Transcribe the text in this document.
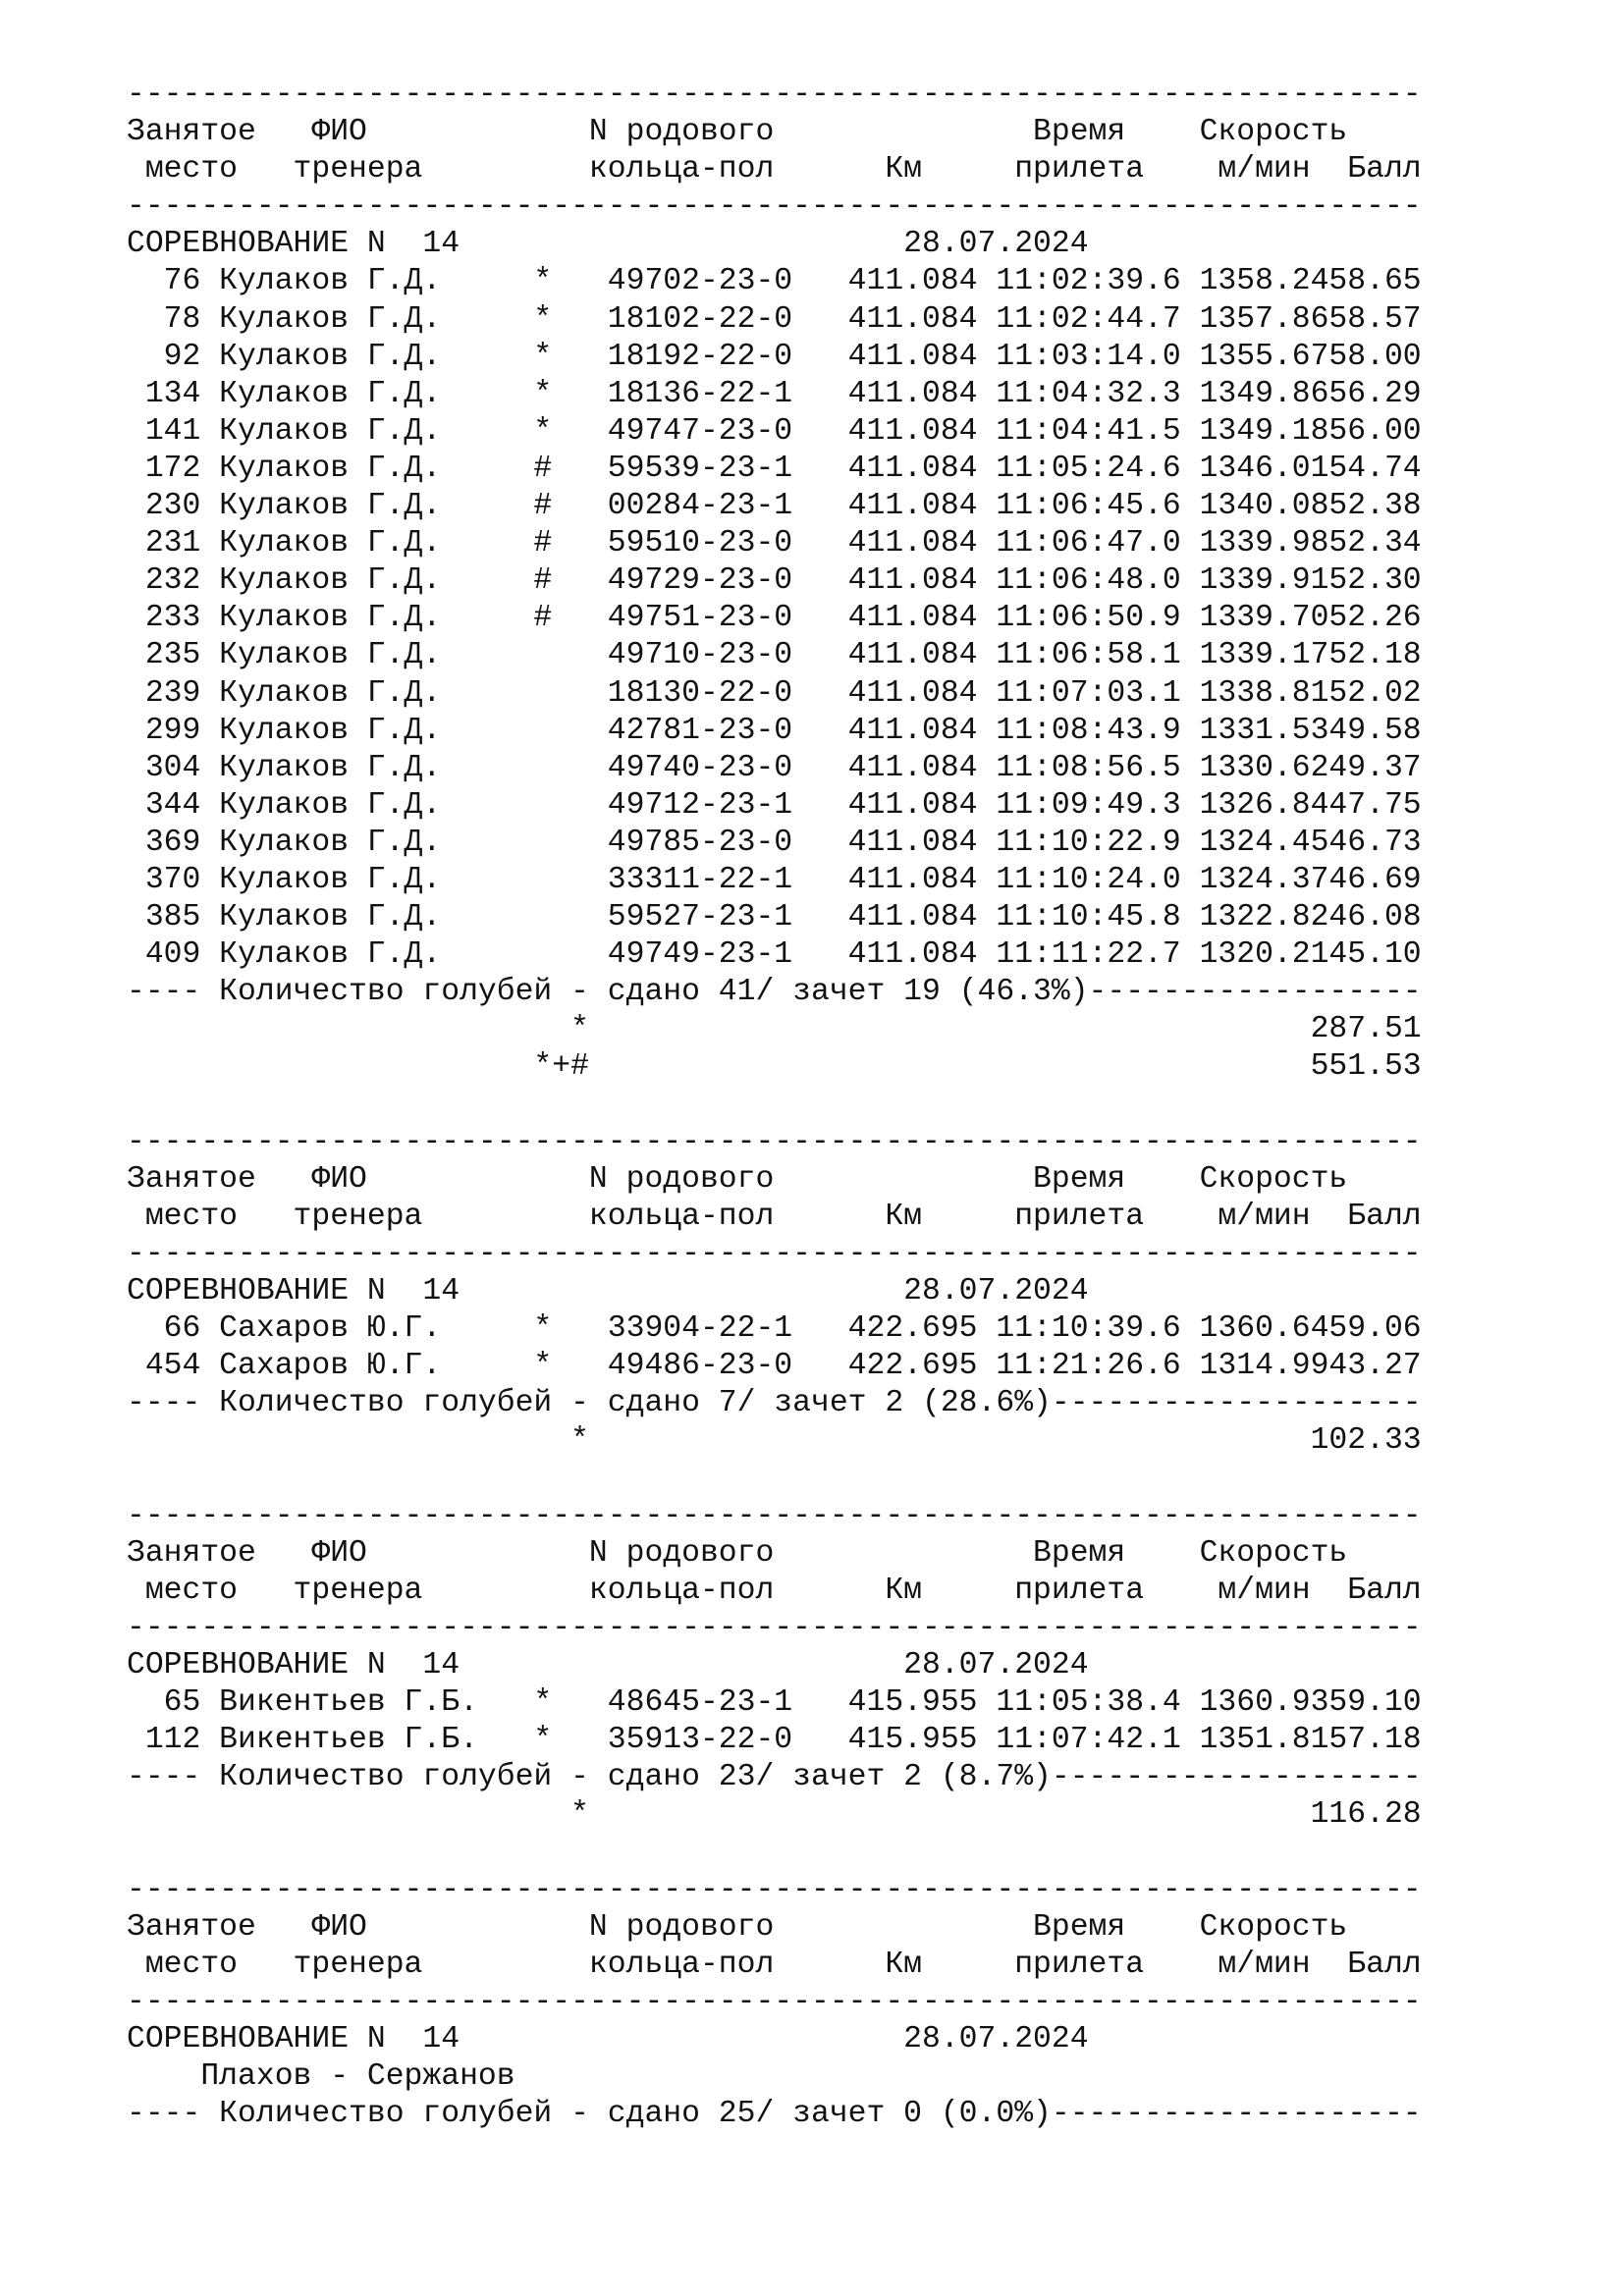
----------------------------------------------------------------------
Занятое   ФИО            N родового              Время    Скорость
место   тренера         кольца-пол      Км     прилета    м/мин  Балл
----------------------------------------------------------------------
СОРЕВНОВАНИЕ N  14                        28.07.2024
76 Кулаков Г.Д.     *   49702-23-0   411.084 11:02:39.6 1358.2458.65
78 Кулаков Г.Д.     *   18102-22-0   411.084 11:02:44.7 1357.8658.57
92 Кулаков Г.Д.     *   18192-22-0   411.084 11:03:14.0 1355.6758.00
134 Кулаков Г.Д.     *   18136-22-1   411.084 11:04:32.3 1349.8656.29
141 Кулаков Г.Д.     *   49747-23-0   411.084 11:04:41.5 1349.1856.00
172 Кулаков Г.Д.     #   59539-23-1   411.084 11:05:24.6 1346.0154.74
230 Кулаков Г.Д.     #   00284-23-1   411.084 11:06:45.6 1340.0852.38
231 Кулаков Г.Д.     #   59510-23-0   411.084 11:06:47.0 1339.9852.34
232 Кулаков Г.Д.     #   49729-23-0   411.084 11:06:48.0 1339.9152.30
233 Кулаков Г.Д.     #   49751-23-0   411.084 11:06:50.9 1339.7052.26
235 Кулаков Г.Д.         49710-23-0   411.084 11:06:58.1 1339.1752.18
239 Кулаков Г.Д.         18130-22-0   411.084 11:07:03.1 1338.8152.02
299 Кулаков Г.Д.         42781-23-0   411.084 11:08:43.9 1331.5349.58
304 Кулаков Г.Д.         49740-23-0   411.084 11:08:56.5 1330.6249.37
344 Кулаков Г.Д.         49712-23-1   411.084 11:09:49.3 1326.8447.75
369 Кулаков Г.Д.         49785-23-0   411.084 11:10:22.9 1324.4546.73
370 Кулаков Г.Д.         33311-22-1   411.084 11:10:24.0 1324.3746.69
385 Кулаков Г.Д.         59527-23-1   411.084 11:10:45.8 1322.8246.08
409 Кулаков Г.Д.         49749-23-1   411.084 11:11:22.7 1320.2145.10
---- Количество голубей - сдано 41/ зачет 19 (46.3%)------------------
*                                       287.51
*+#                                       551.53
----------------------------------------------------------------------
Занятое   ФИО            N родового              Время    Скорость
место   тренера         кольца-пол      Км     прилета    м/мин  Балл
----------------------------------------------------------------------
СОРЕВНОВАНИЕ N  14                        28.07.2024
66 Сахаров Ю.Г.     *   33904-22-1   422.695 11:10:39.6 1360.6459.06
454 Сахаров Ю.Г.     *   49486-23-0   422.695 11:21:26.6 1314.9943.27
---- Количество голубей - сдано 7/ зачет 2 (28.6%)--------------------
*                                       102.33
----------------------------------------------------------------------
Занятое   ФИО            N родового              Время    Скорость
место   тренера         кольца-пол      Км     прилета    м/мин  Балл
----------------------------------------------------------------------
СОРЕВНОВАНИЕ N  14                        28.07.2024
65 Викентьев Г.Б.   *   48645-23-1   415.955 11:05:38.4 1360.9359.10
112 Викентьев Г.Б.   *   35913-22-0   415.955 11:07:42.1 1351.8157.18
---- Количество голубей - сдано 23/ зачет 2 (8.7%)--------------------
*                                       116.28
----------------------------------------------------------------------
Занятое   ФИО            N родового              Время    Скорость
место   тренера         кольца-пол      Км     прилета    м/мин  Балл
----------------------------------------------------------------------
СОРЕВНОВАНИЕ N  14                        28.07.2024
Плахов - Сержанов
---- Количество голубей - сдано 25/ зачет 0 (0.0%)--------------------
